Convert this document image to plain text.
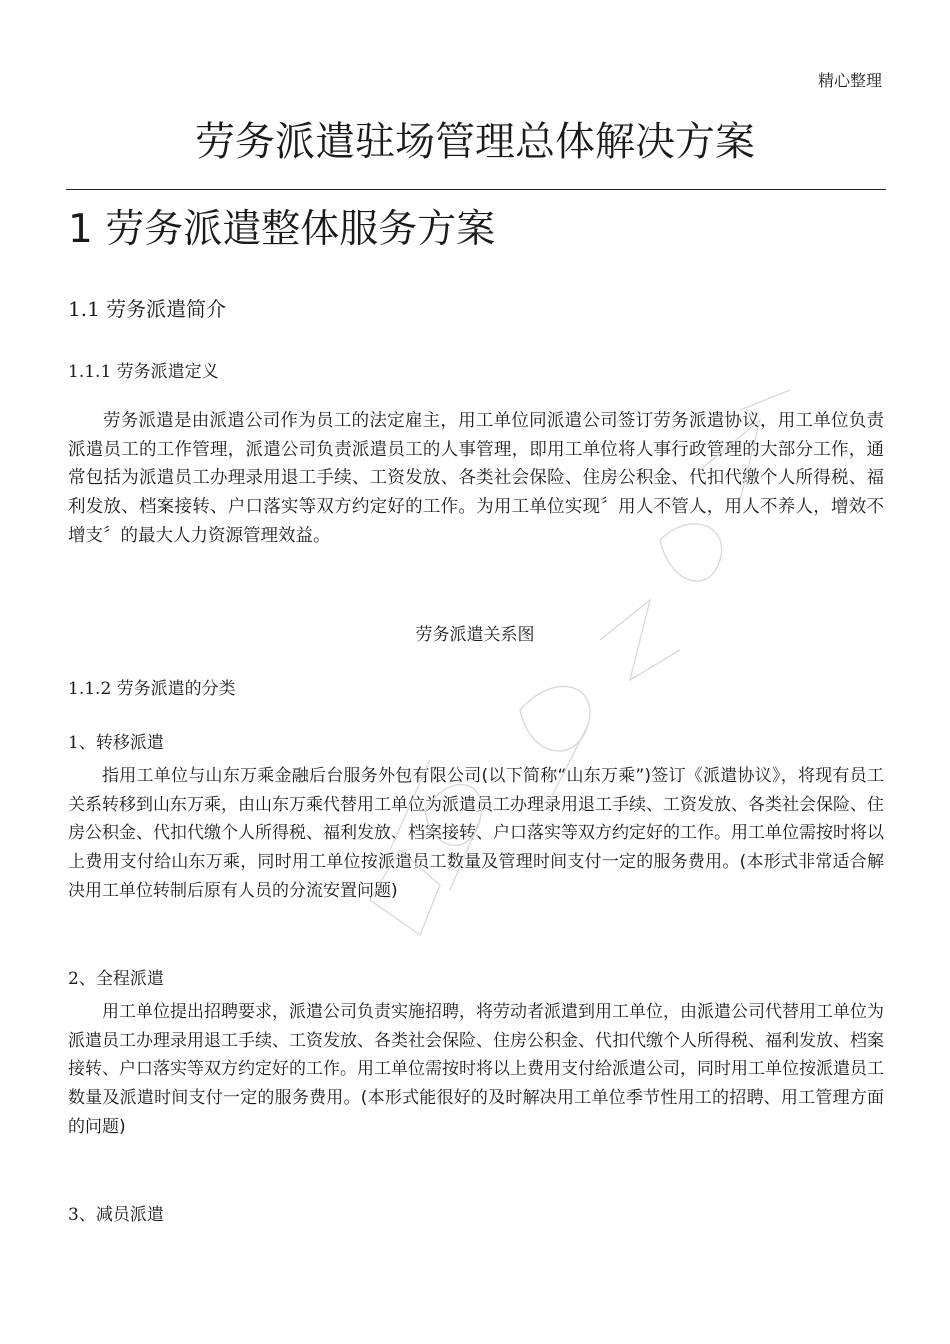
精心整理
劳务派遣驻场管理总体解决方案
1 劳务派遣整体服务方案
1.1 劳务派遣简介
1.1.1 劳务派遣定义

劳务派遣是由派遣公司作为员工的法定雇主，用工单位同派遣公司签订劳务派遣协议，用工单位负责派遣员工的工作管理，派遣公司负责派遣员工的人事管理，即用工单位将人事行政管理的大部分工作，通常包括为派遣员工办理录用退工手续、工资发放、各类社会保险、住房公积金、代扣代缴个人所得税、福利发放、档案接转、户口落实等双方约定好的工作。为用工单位实现〞用人不管人，用人不养人，增效不增支〞的最大人力资源管理效益。

劳务派遣关系图
1.1.2 劳务派遣的分类
1、转移派遣

指用工单位与山东万乘金融后台服务外包有限公司(以下简称“山东万乘”)签订《派遣协议》，将现有员工关系转移到山东万乘，由山东万乘代替用工单位为派遣员工办理录用退工手续、工资发放、各类社会保险、住房公积金、代扣代缴个人所得税、福利发放、档案接转、户口落实等双方约定好的工作。用工单位需按时将以上费用支付给山东万乘，同时用工单位按派遣员工数量及管理时间支付一定的服务费用。(本形式非常适合解决用工单位转制后原有人员的分流安置问题)

2、全程派遣

用工单位提出招聘要求，派遣公司负责实施招聘，将劳动者派遣到用工单位，由派遣公司代替用工单位为派遣员工办理录用退工手续、工资发放、各类社会保险、住房公积金、代扣代缴个人所得税、福利发放、档案接转、户口落实等双方约定好的工作。用工单位需按时将以上费用支付给派遣公司，同时用工单位按派遣员工数量及派遣时间支付一定的服务费用。(本形式能很好的及时解决用工单位季节性用工的招聘、用工管理方面的问题)

3、减员派遣
